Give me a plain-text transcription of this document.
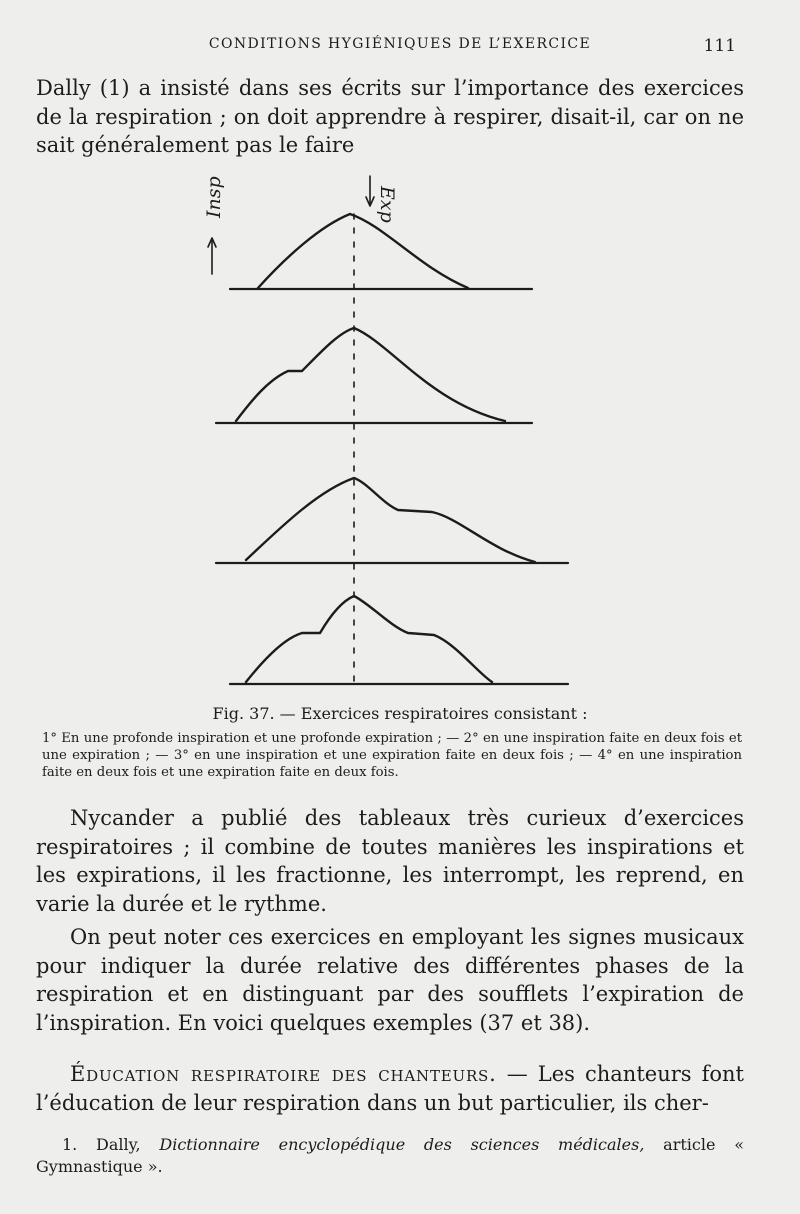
CONDITIONS HYGIÉNIQUES DE L’EXERCICE	111

Dally (1) a insisté dans ses écrits sur l’importance des exercices de la respiration ; on doit apprendre à respirer, disait-il, car on ne sait généralement pas le faire

Insp	Exp
Fig. 37. — Exercices respiratoires consistant :

1° En une profonde inspiration et une profonde expiration ; — 2° en une inspiration faite en deux fois et une expiration ; — 3° en une inspiration et une expiration faite en deux fois ; — 4° en une inspiration faite en deux fois et une expiration faite en deux fois.

Nycander a publié des tableaux très curieux d’exercices respiratoires ; il combine de toutes manières les inspirations et les expirations, il les fractionne, les interrompt, les reprend, en varie la durée et le rythme.

On peut noter ces exercices en employant les signes musicaux pour indiquer la durée relative des différentes phases de la respiration et en distinguant par des soufflets l’expiration de l’inspiration. En voici quelques exemples (37 et 38).

Éducation respiratoire des chanteurs. — Les chanteurs font l’éducation de leur respiration dans un but particulier, ils cher-

1. Dally, Dictionnaire encyclopédique des sciences médicales, article « Gymnastique ».
